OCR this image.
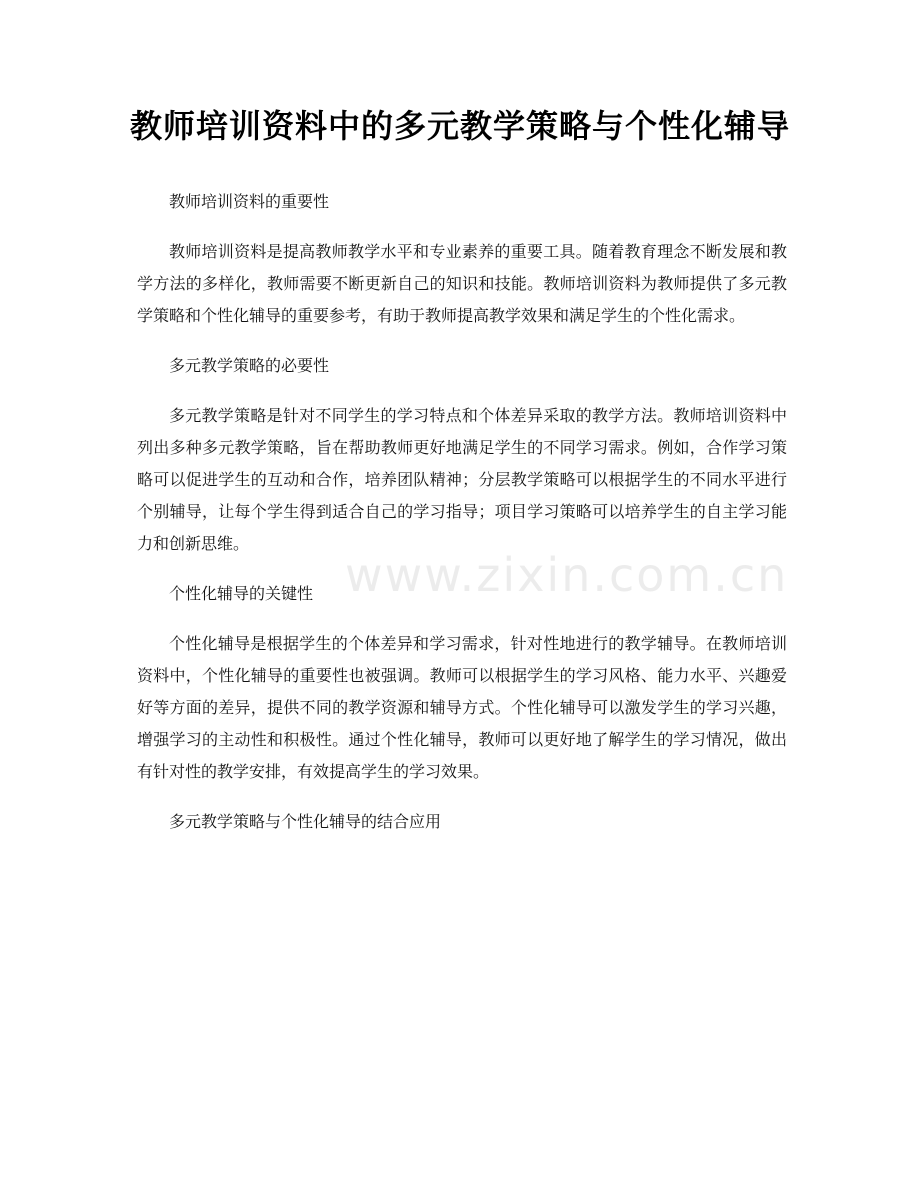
教师培训资料中的多元教学策略与个性化辅导

教师培训资料的重要性

教师培训资料是提高教师教学水平和专业素养的重要工具。随着教育理念不断发展和教学方法的多样化，教师需要不断更新自己的知识和技能。教师培训资料为教师提供了多元教学策略和个性化辅导的重要参考，有助于教师提高教学效果和满足学生的个性化需求。

多元教学策略的必要性

多元教学策略是针对不同学生的学习特点和个体差异采取的教学方法。教师培训资料中列出多种多元教学策略，旨在帮助教师更好地满足学生的不同学习需求。例如，合作学习策略可以促进学生的互动和合作，培养团队精神；分层教学策略可以根据学生的不同水平进行个别辅导，让每个学生得到适合自己的学习指导；项目学习策略可以培养学生的自主学习能力和创新思维。

个性化辅导的关键性

个性化辅导是根据学生的个体差异和学习需求，针对性地进行的教学辅导。在教师培训资料中，个性化辅导的重要性也被强调。教师可以根据学生的学习风格、能力水平、兴趣爱好等方面的差异，提供不同的教学资源和辅导方式。个性化辅导可以激发学生的学习兴趣，增强学习的主动性和积极性。通过个性化辅导，教师可以更好地了解学生的学习情况，做出有针对性的教学安排，有效提高学生的学习效果。

多元教学策略与个性化辅导的结合应用

www.zixin.com.cn
